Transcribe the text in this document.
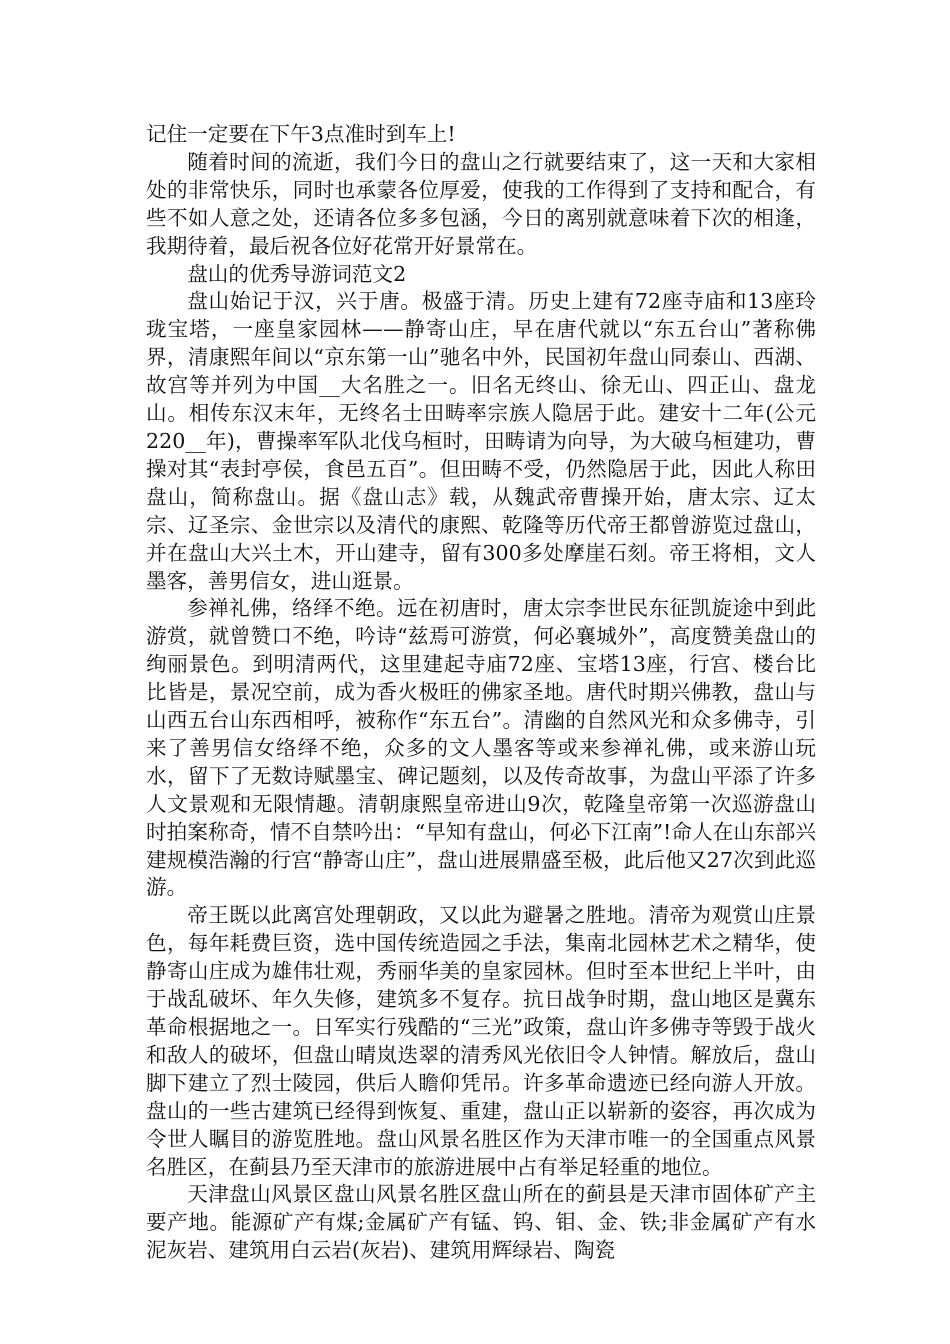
记住一定要在下午3点准时到车上!

随着时间的流逝，我们今日的盘山之行就要结束了，这一天和大家相处的非常快乐，同时也承蒙各位厚爱，使我的工作得到了支持和配合，有些不如人意之处，还请各位多多包涵，今日的离别就意味着下次的相逢，我期待着，最后祝各位好花常开好景常在。

盘山的优秀导游词范文2

盘山始记于汉，兴于唐。极盛于清。历史上建有72座寺庙和13座玲珑宝塔，一座皇家园林——静寄山庄，早在唐代就以“东五台山”著称佛界，清康熙年间以“京东第一山”驰名中外，民国初年盘山同泰山、西湖、故宫等并列为中国__大名胜之一。旧名无终山、徐无山、四正山、盘龙山。相传东汉末年，无终名士田畴率宗族人隐居于此。建安十二年(公元220__年)，曹操率军队北伐乌桓时，田畴请为向导，为大破乌桓建功，曹操对其“表封亭侯，食邑五百”。但田畴不受，仍然隐居于此，因此人称田盘山，简称盘山。据《盘山志》载，从魏武帝曹操开始，唐太宗、辽太宗、辽圣宗、金世宗以及清代的康熙、乾隆等历代帝王都曾游览过盘山，并在盘山大兴土木，开山建寺，留有300多处摩崖石刻。帝王将相，文人墨客，善男信女，进山逛景。

参禅礼佛，络绎不绝。远在初唐时，唐太宗李世民东征凯旋途中到此游赏，就曾赞口不绝，吟诗“兹焉可游赏，何必襄城外”，高度赞美盘山的绚丽景色。到明清两代，这里建起寺庙72座、宝塔13座，行宫、楼台比比皆是，景况空前，成为香火极旺的佛家圣地。唐代时期兴佛教，盘山与山西五台山东西相呼，被称作“东五台”。清幽的自然风光和众多佛寺，引来了善男信女络绎不绝，众多的文人墨客等或来参禅礼佛，或来游山玩水，留下了无数诗赋墨宝、碑记题刻，以及传奇故事，为盘山平添了许多人文景观和无限情趣。清朝康熙皇帝进山9次，乾隆皇帝第一次巡游盘山时拍案称奇，情不自禁吟出：“早知有盘山，何必下江南”!命人在山东部兴建规模浩瀚的行宫“静寄山庄”，盘山进展鼎盛至极，此后他又27次到此巡游。

帝王既以此离宫处理朝政，又以此为避暑之胜地。清帝为观赏山庄景色，每年耗费巨资，选中国传统造园之手法，集南北园林艺术之精华，使静寄山庄成为雄伟壮观，秀丽华美的皇家园林。但时至本世纪上半叶，由于战乱破坏、年久失修，建筑多不复存。抗日战争时期，盘山地区是冀东革命根据地之一。日军实行残酷的“三光”政策，盘山许多佛寺等毁于战火和敌人的破坏，但盘山晴岚迭翠的清秀风光依旧令人钟情。解放后，盘山脚下建立了烈士陵园，供后人瞻仰凭吊。许多革命遗迹已经向游人开放。盘山的一些古建筑已经得到恢复、重建，盘山正以崭新的姿容，再次成为令世人瞩目的游览胜地。盘山风景名胜区作为天津市唯一的全国重点风景名胜区，在蓟县乃至天津市的旅游进展中占有举足轻重的地位。

天津盘山风景区盘山风景名胜区盘山所在的蓟县是天津市固体矿产主要产地。能源矿产有煤;金属矿产有锰、钨、钼、金、铁;非金属矿产有水泥灰岩、建筑用白云岩(灰岩)、建筑用辉绿岩、陶瓷
